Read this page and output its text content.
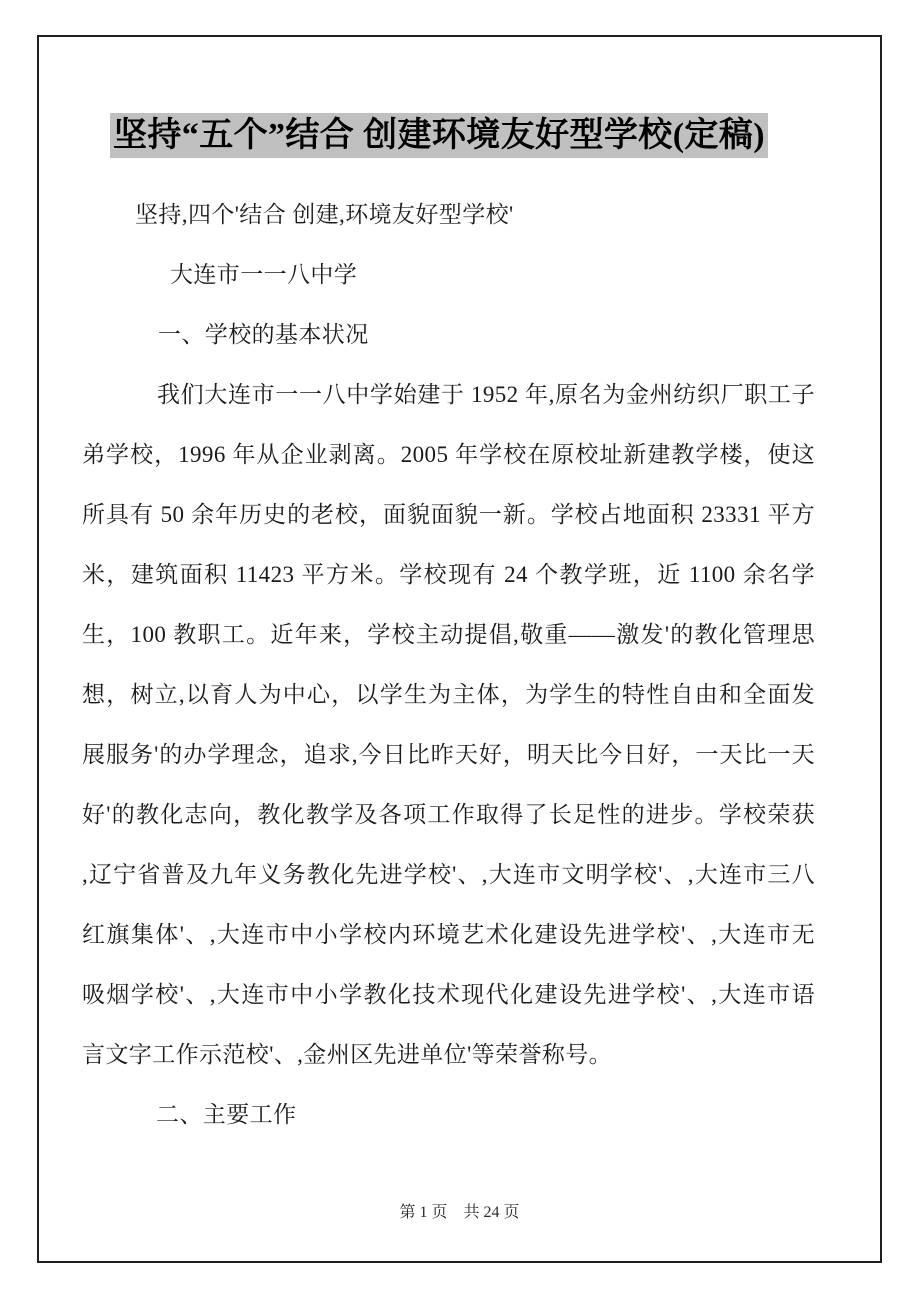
坚持“五个”结合 创建环境友好型学校(定稿)
坚持,四个'结合 创建,环境友好型学校'
大连市一一八中学
一、学校的基本状况
我们大连市一一八中学始建于 1952 年,原名为金州纺织厂职工子
弟学校，1996 年从企业剥离。2005 年学校在原校址新建教学楼，使这
所具有 50 余年历史的老校，面貌面貌一新。学校占地面积 23331 平方
米，建筑面积 11423 平方米。学校现有 24 个教学班，近 1100 余名学
生，100 教职工。近年来，学校主动提倡,敬重——激发'的教化管理思
想，树立,以育人为中心，以学生为主体，为学生的特性自由和全面发
展服务'的办学理念，追求,今日比昨天好，明天比今日好，一天比一天
好'的教化志向，教化教学及各项工作取得了长足性的进步。学校荣获
,辽宁省普及九年义务教化先进学校'、,大连市文明学校'、,大连市三八
红旗集体'、,大连市中小学校内环境艺术化建设先进学校'、,大连市无
吸烟学校'、,大连市中小学教化技术现代化建设先进学校'、,大连市语
言文字工作示范校'、,金州区先进单位'等荣誉称号。
二、主要工作
第 1 页 共 24 页
